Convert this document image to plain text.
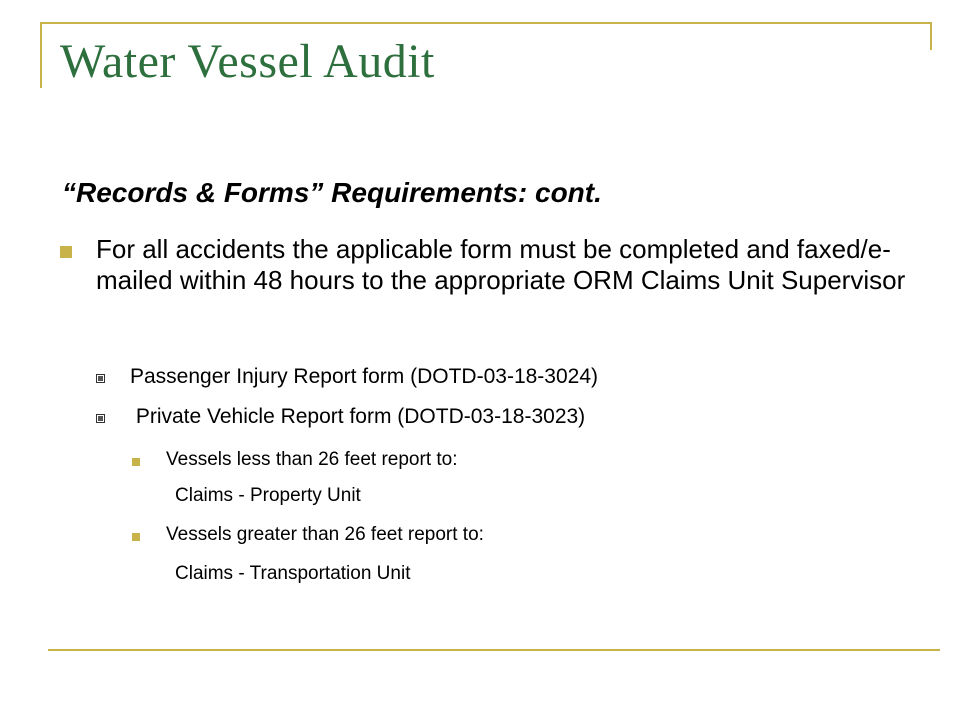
Water Vessel Audit
“Records & Forms” Requirements: cont.
For all accidents the applicable form must be completed and faxed/e-mailed within 48 hours to the appropriate ORM Claims Unit Supervisor
Passenger Injury Report form (DOTD-03-18-3024)
Private Vehicle Report form (DOTD-03-18-3023)
Vessels less than 26 feet report to:
Claims - Property Unit
Vessels greater than 26 feet report to:
Claims - Transportation Unit
